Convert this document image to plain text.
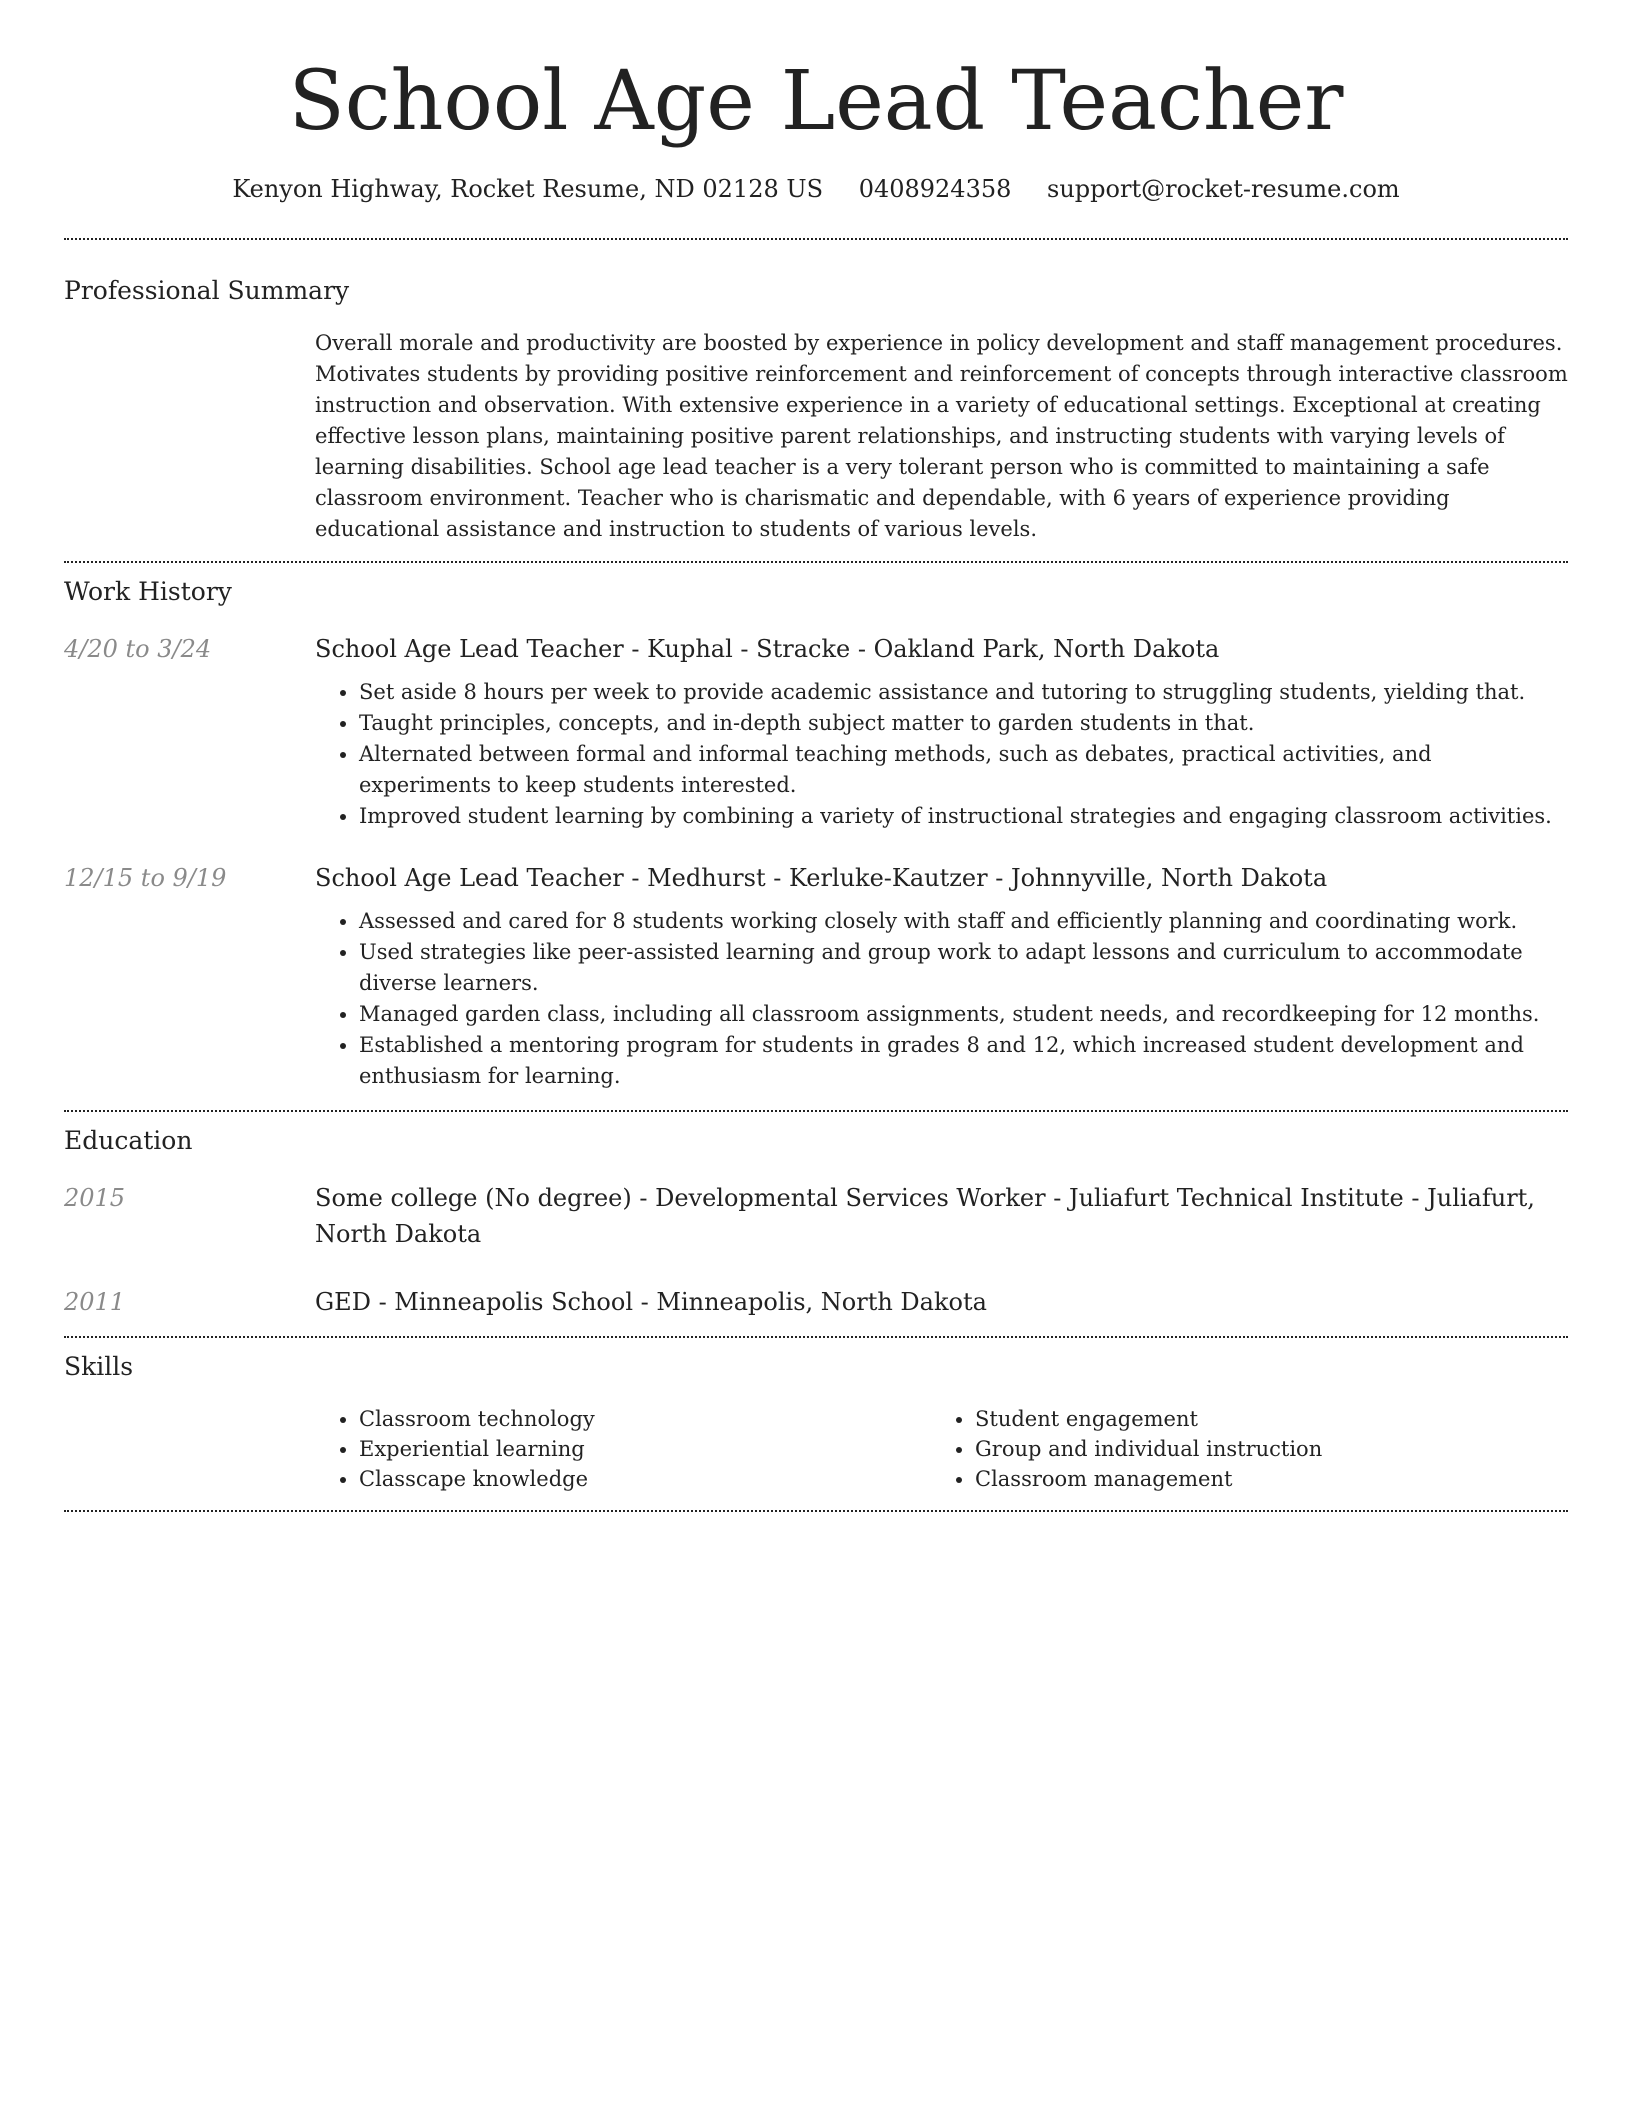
School Age Lead Teacher
Kenyon Highway, Rocket Resume, ND 02128 US 0408924358 support@rocket-resume.com
Professional Summary

Overall morale and productivity are boosted by experience in policy development and staff management procedures. Motivates students by providing positive reinforcement and reinforcement of concepts through interactive classroom instruction and observation. With extensive experience in a variety of educational settings. Exceptional at creating effective lesson plans, maintaining positive parent relationships, and instructing students with varying levels of learning disabilities. School age lead teacher is a very tolerant person who is committed to maintaining a safe classroom environment. Teacher who is charismatic and dependable, with 6 years of experience providing educational assistance and instruction to students of various levels.

Work History
4/20 to 3/24	School Age Lead Teacher - Kuphal - Stracke - Oakland Park, North Dakota

• Set aside 8 hours per week to provide academic assistance and tutoring to struggling students, yielding that.
• Taught principles, concepts, and in-depth subject matter to garden students in that.
• Alternated between formal and informal teaching methods, such as debates, practical activities, and experiments to keep students interested.
• Improved student learning by combining a variety of instructional strategies and engaging classroom activities.
12/15 to 9/19	School Age Lead Teacher - Medhurst - Kerluke-Kautzer - Johnnyville, North Dakota

• Assessed and cared for 8 students working closely with staff and efficiently planning and coordinating work.
• Used strategies like peer-assisted learning and group work to adapt lessons and curriculum to accommodate diverse learners.
• Managed garden class, including all classroom assignments, student needs, and recordkeeping for 12 months.
• Established a mentoring program for students in grades 8 and 12, which increased student development and enthusiasm for learning.
Education
2015	Some college (No degree) - Developmental Services Worker - Juliafurt Technical Institute - Juliafurt, North Dakota

2011	GED - Minneapolis School - Minneapolis, North Dakota

Skills
• Classroom technology
• Experiential learning
• Classcape knowledge
• Student engagement
• Group and individual instruction
• Classroom management
